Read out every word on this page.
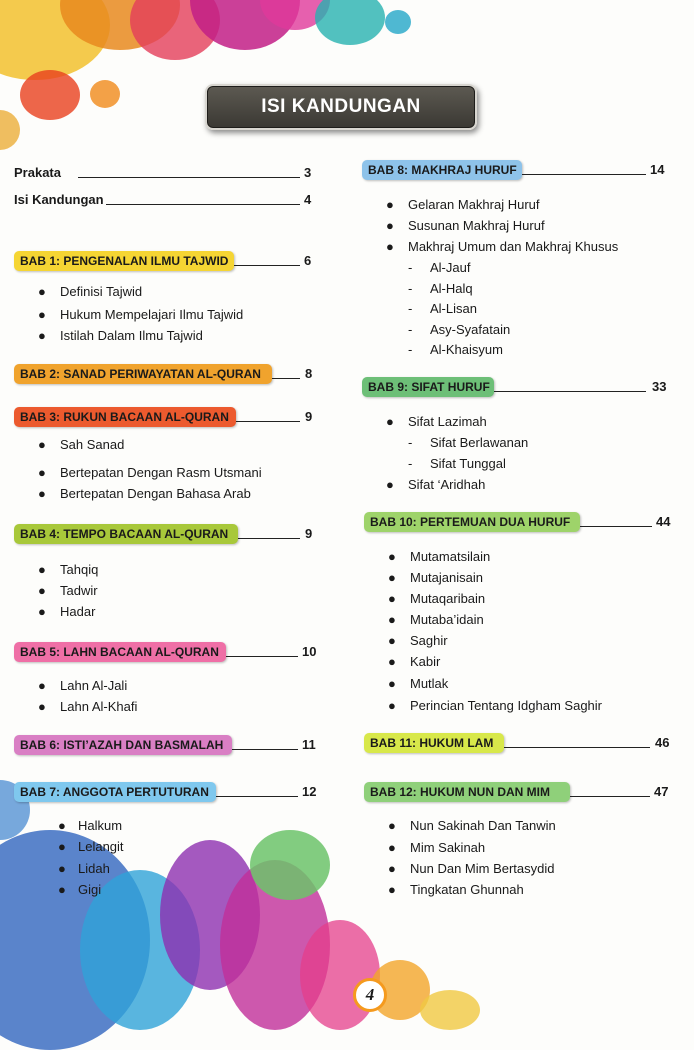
ISI KANDUNGAN
Prakata	3
Isi Kandungan	4
BAB 1: PENGENALAN ILMU TAJWID	6
● Definisi Tajwid
● Hukum Mempelajari Ilmu Tajwid
● Istilah Dalam Ilmu Tajwid
BAB 2: SANAD PERIWAYATAN AL-QURAN	8
BAB 3: RUKUN BACAAN AL-QURAN	9
● Sah Sanad
● Bertepatan Dengan Rasm Utsmani
● Bertepatan Dengan Bahasa Arab
BAB 4: TEMPO BACAAN AL-QURAN	9
● Tahqiq
● Tadwir
● Hadar
BAB 5: LAHN BACAAN AL-QURAN	10
● Lahn Al-Jali
● Lahn Al-Khafi
BAB 6: ISTI’AZAH DAN BASMALAH	11
BAB 7: ANGGOTA PERTUTURAN	12
● Halkum
● Lelangit
● Lidah
● Gigi
BAB 8: MAKHRAJ HURUF	14
● Gelaran Makhraj Huruf
● Susunan Makhraj Huruf
● Makhraj Umum dan Makhraj Khusus
- Al-Jauf
- Al-Halq
- Al-Lisan
- Asy-Syafatain
- Al-Khaisyum
BAB 9: SIFAT HURUF	33
● Sifat Lazimah
● Sifat ‘Aridhah
- Sifat Berlawanan
- Sifat Tunggal
BAB 10: PERTEMUAN DUA HURUF	44
● Mutamatsilain
● Mutajanisain
● Mutaqaribain
● Mutaba’idain
● Saghir
● Kabir
● Mutlak
● Perincian Tentang Idgham Saghir
BAB 11: HUKUM LAM	46
BAB 12: HUKUM NUN DAN MIM	47
● Nun Sakinah Dan Tanwin
● Mim Sakinah
● Nun Dan Mim Bertasydid
● Tingkatan Ghunnah
4
